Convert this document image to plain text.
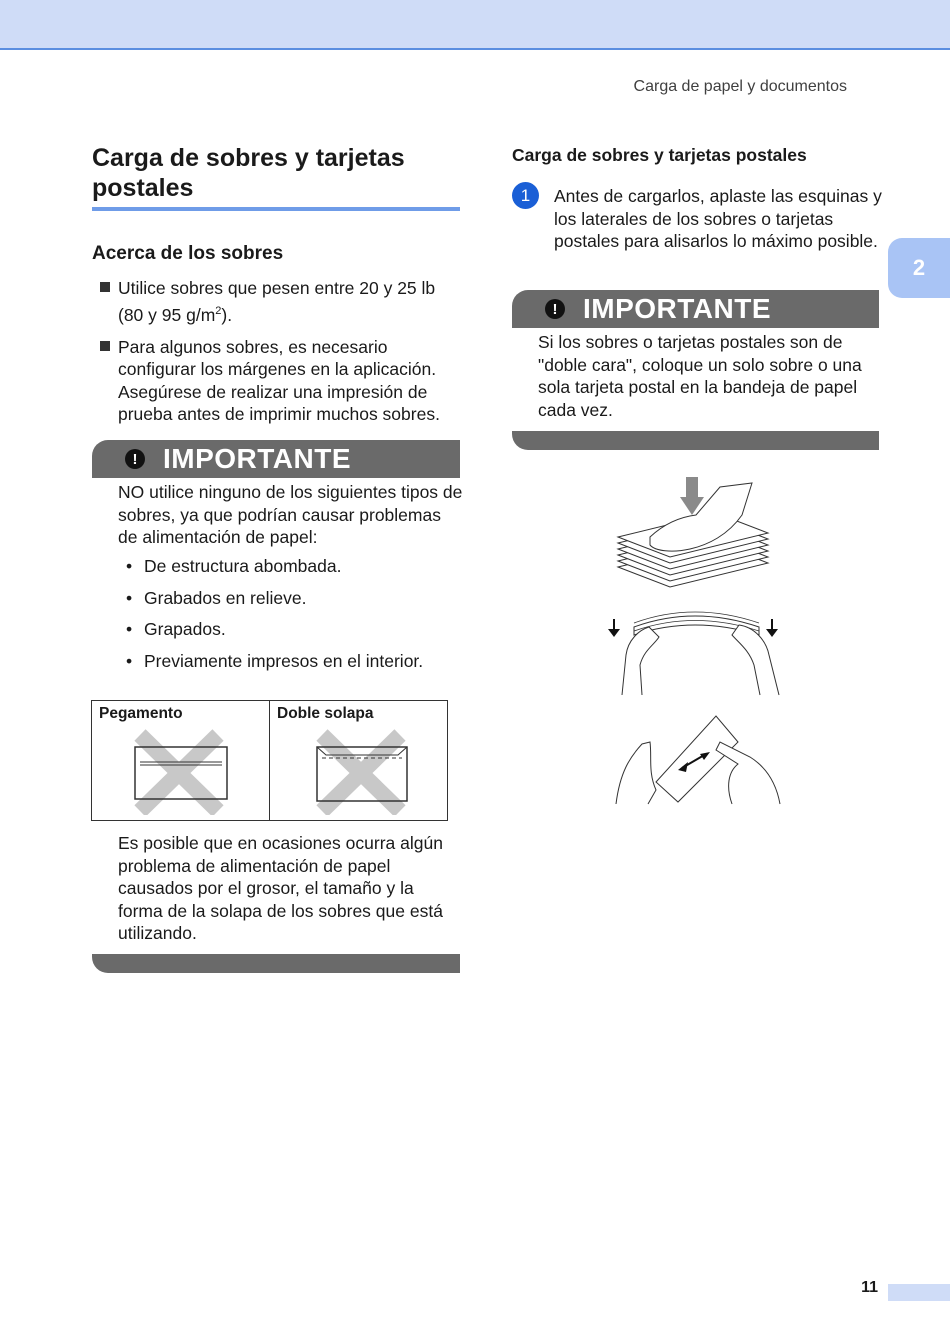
Carga de papel y documentos
2
Carga de sobres y tarjetas postales
Acerca de los sobres
Utilice sobres que pesen entre 20 y 25 lb (80 y 95 $g/m^2$).
Para algunos sobres, es necesario configurar los márgenes en la aplicación. Asegúrese de realizar una impresión de prueba antes de imprimir muchos sobres.
! IMPORTANTE
NO utilice ninguno de los siguientes tipos de sobres, ya que podrían causar problemas de alimentación de papel:
• De estructura abombada.
• Grabados en relieve.
• Grapados.
• Previamente impresos en el interior.
Pegamento	Doble solapa
Es posible que en ocasiones ocurra algún problema de alimentación de papel causados por el grosor, el tamaño y la forma de la solapa de los sobres que está utilizando.
Carga de sobres y tarjetas postales
1	Antes de cargarlos, aplaste las esquinas y los laterales de los sobres o tarjetas postales para alisarlos lo máximo posible.
! IMPORTANTE
Si los sobres o tarjetas postales son de "doble cara", coloque un solo sobre o una sola tarjeta postal en la bandeja de papel cada vez.
11
